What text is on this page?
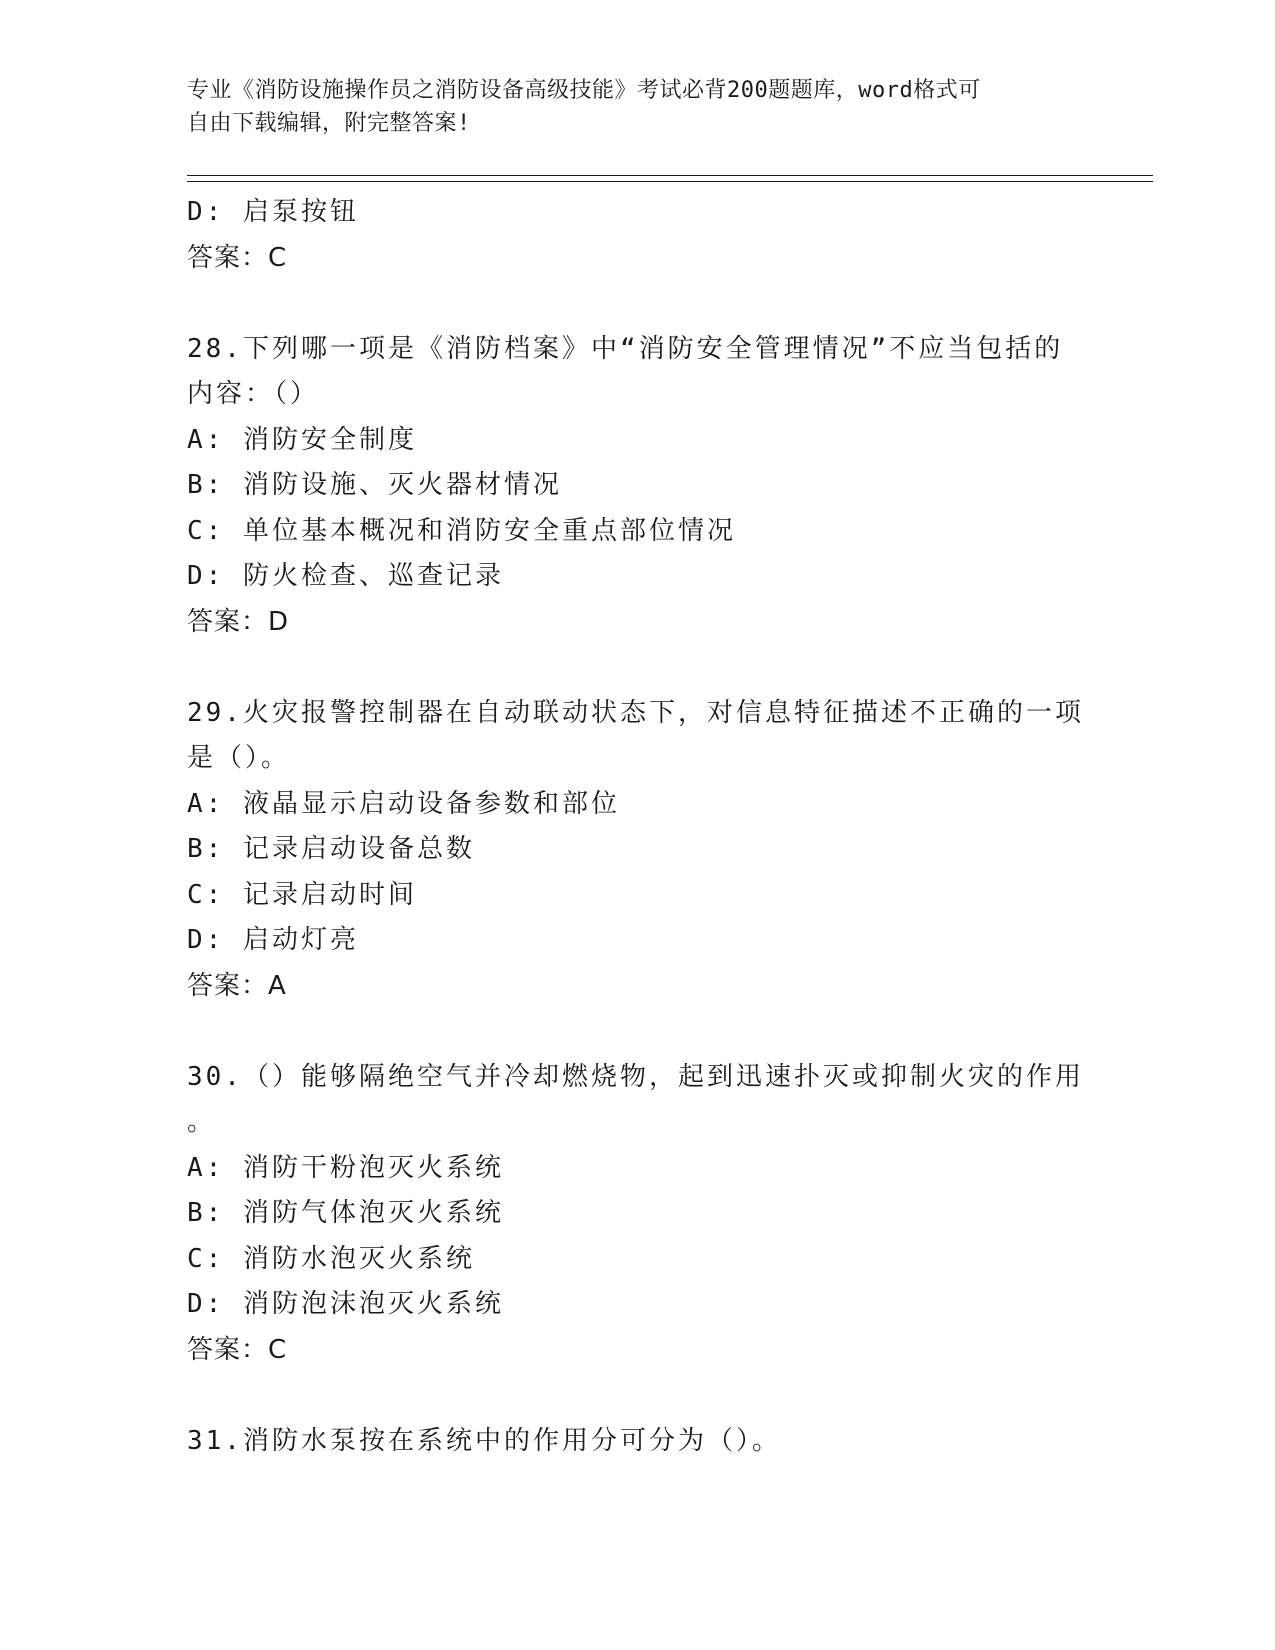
专业《消防设施操作员之消防设备高级技能》考试必背200题题库，word格式可
自由下载编辑，附完整答案!
D: 启泵按钮
答案：C
28.下列哪一项是《消防档案》中“消防安全管理情况”不应当包括的
内容：（）
A: 消防安全制度
B: 消防设施、灭火器材情况
C: 单位基本概况和消防安全重点部位情况
D: 防火检查、巡查记录
答案：D
29.火灾报警控制器在自动联动状态下，对信息特征描述不正确的一项
是（）。
A: 液晶显示启动设备参数和部位
B: 记录启动设备总数
C: 记录启动时间
D: 启动灯亮
答案：A
30.（）能够隔绝空气并冷却燃烧物，起到迅速扑灭或抑制火灾的作用
。
A: 消防干粉泡灭火系统
B: 消防气体泡灭火系统
C: 消防水泡灭火系统
D: 消防泡沫泡灭火系统
答案：C
31.消防水泵按在系统中的作用分可分为（）。
